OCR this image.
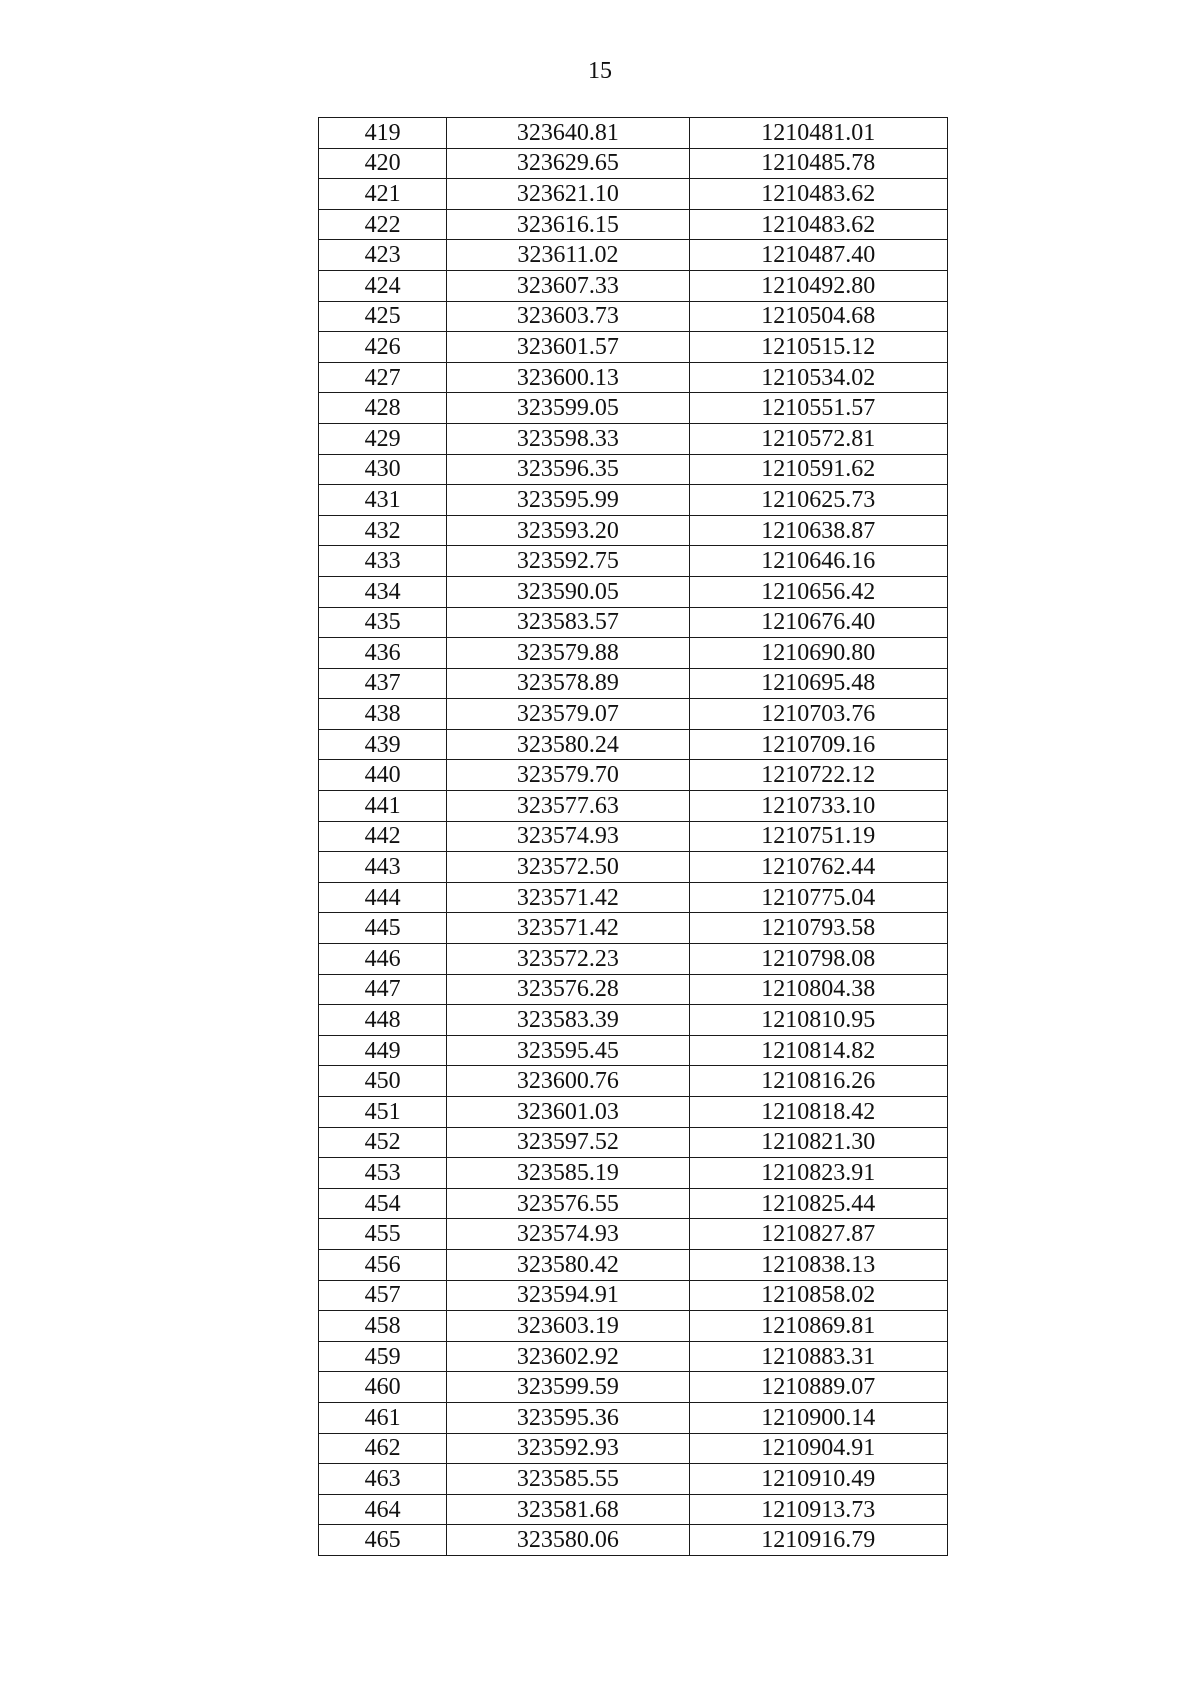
15
419	323640.81	1210481.01
420	323629.65	1210485.78
421	323621.10	1210483.62
422	323616.15	1210483.62
423	323611.02	1210487.40
424	323607.33	1210492.80
425	323603.73	1210504.68
426	323601.57	1210515.12
427	323600.13	1210534.02
428	323599.05	1210551.57
429	323598.33	1210572.81
430	323596.35	1210591.62
431	323595.99	1210625.73
432	323593.20	1210638.87
433	323592.75	1210646.16
434	323590.05	1210656.42
435	323583.57	1210676.40
436	323579.88	1210690.80
437	323578.89	1210695.48
438	323579.07	1210703.76
439	323580.24	1210709.16
440	323579.70	1210722.12
441	323577.63	1210733.10
442	323574.93	1210751.19
443	323572.50	1210762.44
444	323571.42	1210775.04
445	323571.42	1210793.58
446	323572.23	1210798.08
447	323576.28	1210804.38
448	323583.39	1210810.95
449	323595.45	1210814.82
450	323600.76	1210816.26
451	323601.03	1210818.42
452	323597.52	1210821.30
453	323585.19	1210823.91
454	323576.55	1210825.44
455	323574.93	1210827.87
456	323580.42	1210838.13
457	323594.91	1210858.02
458	323603.19	1210869.81
459	323602.92	1210883.31
460	323599.59	1210889.07
461	323595.36	1210900.14
462	323592.93	1210904.91
463	323585.55	1210910.49
464	323581.68	1210913.73
465	323580.06	1210916.79
